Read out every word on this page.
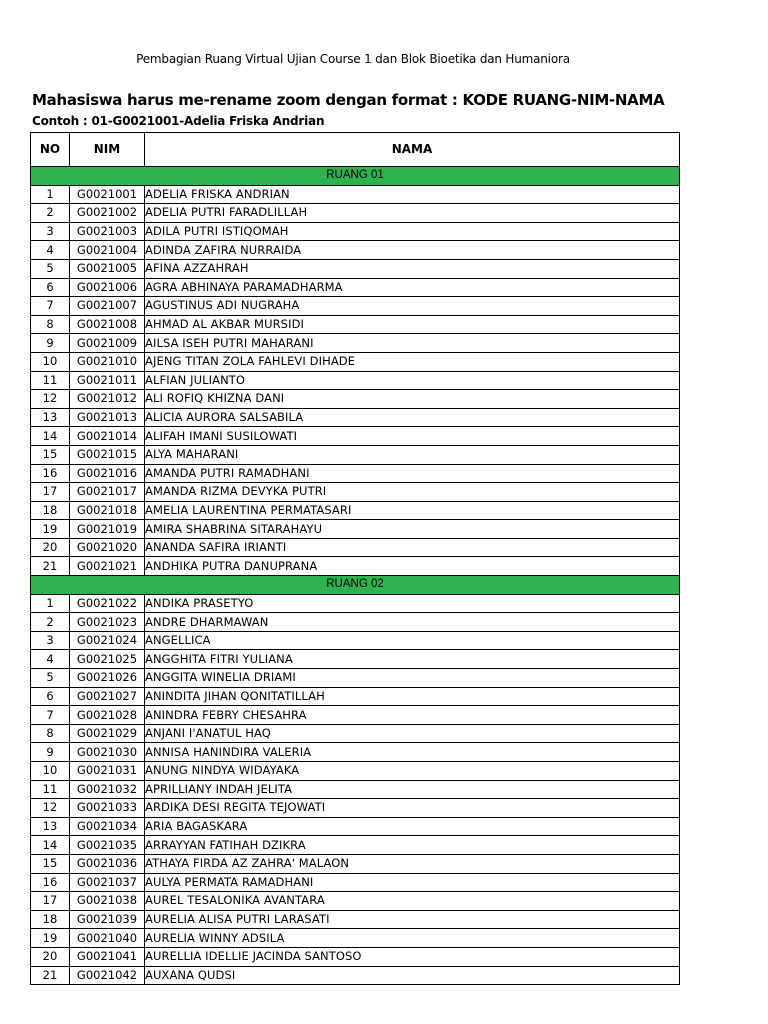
Pembagian Ruang Virtual Ujian Course 1 dan Blok Bioetika dan Humaniora
Mahasiswa harus me-rename zoom dengan format : KODE RUANG-NIM-NAMA
Contoh : 01-G0021001-Adelia Friska Andrian
NO	NIM	NAMA
RUANG 01		
1	G0021001	ADELIA FRISKA ANDRIAN
2	G0021002	ADELIA PUTRI FARADLILLAH
3	G0021003	ADILA PUTRI ISTIQOMAH
4	G0021004	ADINDA ZAFIRA NURRAIDA
5	G0021005	AFINA AZZAHRAH
6	G0021006	AGRA ABHINAYA PARAMADHARMA
7	G0021007	AGUSTINUS ADI NUGRAHA
8	G0021008	AHMAD AL AKBAR MURSIDI
9	G0021009	AILSA ISEH PUTRI MAHARANI
10	G0021010	AJENG TITAN ZOLA FAHLEVI DIHADE
11	G0021011	ALFIAN JULIANTO
12	G0021012	ALI ROFIQ KHIZNA DANI
13	G0021013	ALICIA AURORA SALSABILA
14	G0021014	ALIFAH IMANI SUSILOWATI
15	G0021015	ALYA MAHARANI
16	G0021016	AMANDA PUTRI RAMADHANI
17	G0021017	AMANDA RIZMA DEVYKA PUTRI
18	G0021018	AMELIA LAURENTINA PERMATASARI
19	G0021019	AMIRA SHABRINA SITARAHAYU
20	G0021020	ANANDA SAFIRA IRIANTI
21	G0021021	ANDHIKA PUTRA DANUPRANA
RUANG 02		
1	G0021022	ANDIKA PRASETYO
2	G0021023	ANDRE DHARMAWAN
3	G0021024	ANGELLICA
4	G0021025	ANGGHITA FITRI YULIANA
5	G0021026	ANGGITA WINELIA DRIAMI
6	G0021027	ANINDITA JIHAN QONITATILLAH
7	G0021028	ANINDRA FEBRY CHESAHRA
8	G0021029	ANJANI I'ANATUL HAQ
9	G0021030	ANNISA HANINDIRA VALERIA
10	G0021031	ANUNG NINDYA WIDAYAKA
11	G0021032	APRILLIANY INDAH JELITA
12	G0021033	ARDIKA DESI REGITA TEJOWATI
13	G0021034	ARIA BAGASKARA
14	G0021035	ARRAYYAN FATIHAH DZIKRA
15	G0021036	ATHAYA FIRDA AZ ZAHRA' MALAON
16	G0021037	AULYA PERMATA RAMADHANI
17	G0021038	AUREL TESALONIKA AVANTARA
18	G0021039	AURELIA ALISA PUTRI LARASATI
19	G0021040	AURELIA WINNY ADSILA
20	G0021041	AURELLIA IDELLIE JACINDA SANTOSO
21	G0021042	AUXANA QUDSI
